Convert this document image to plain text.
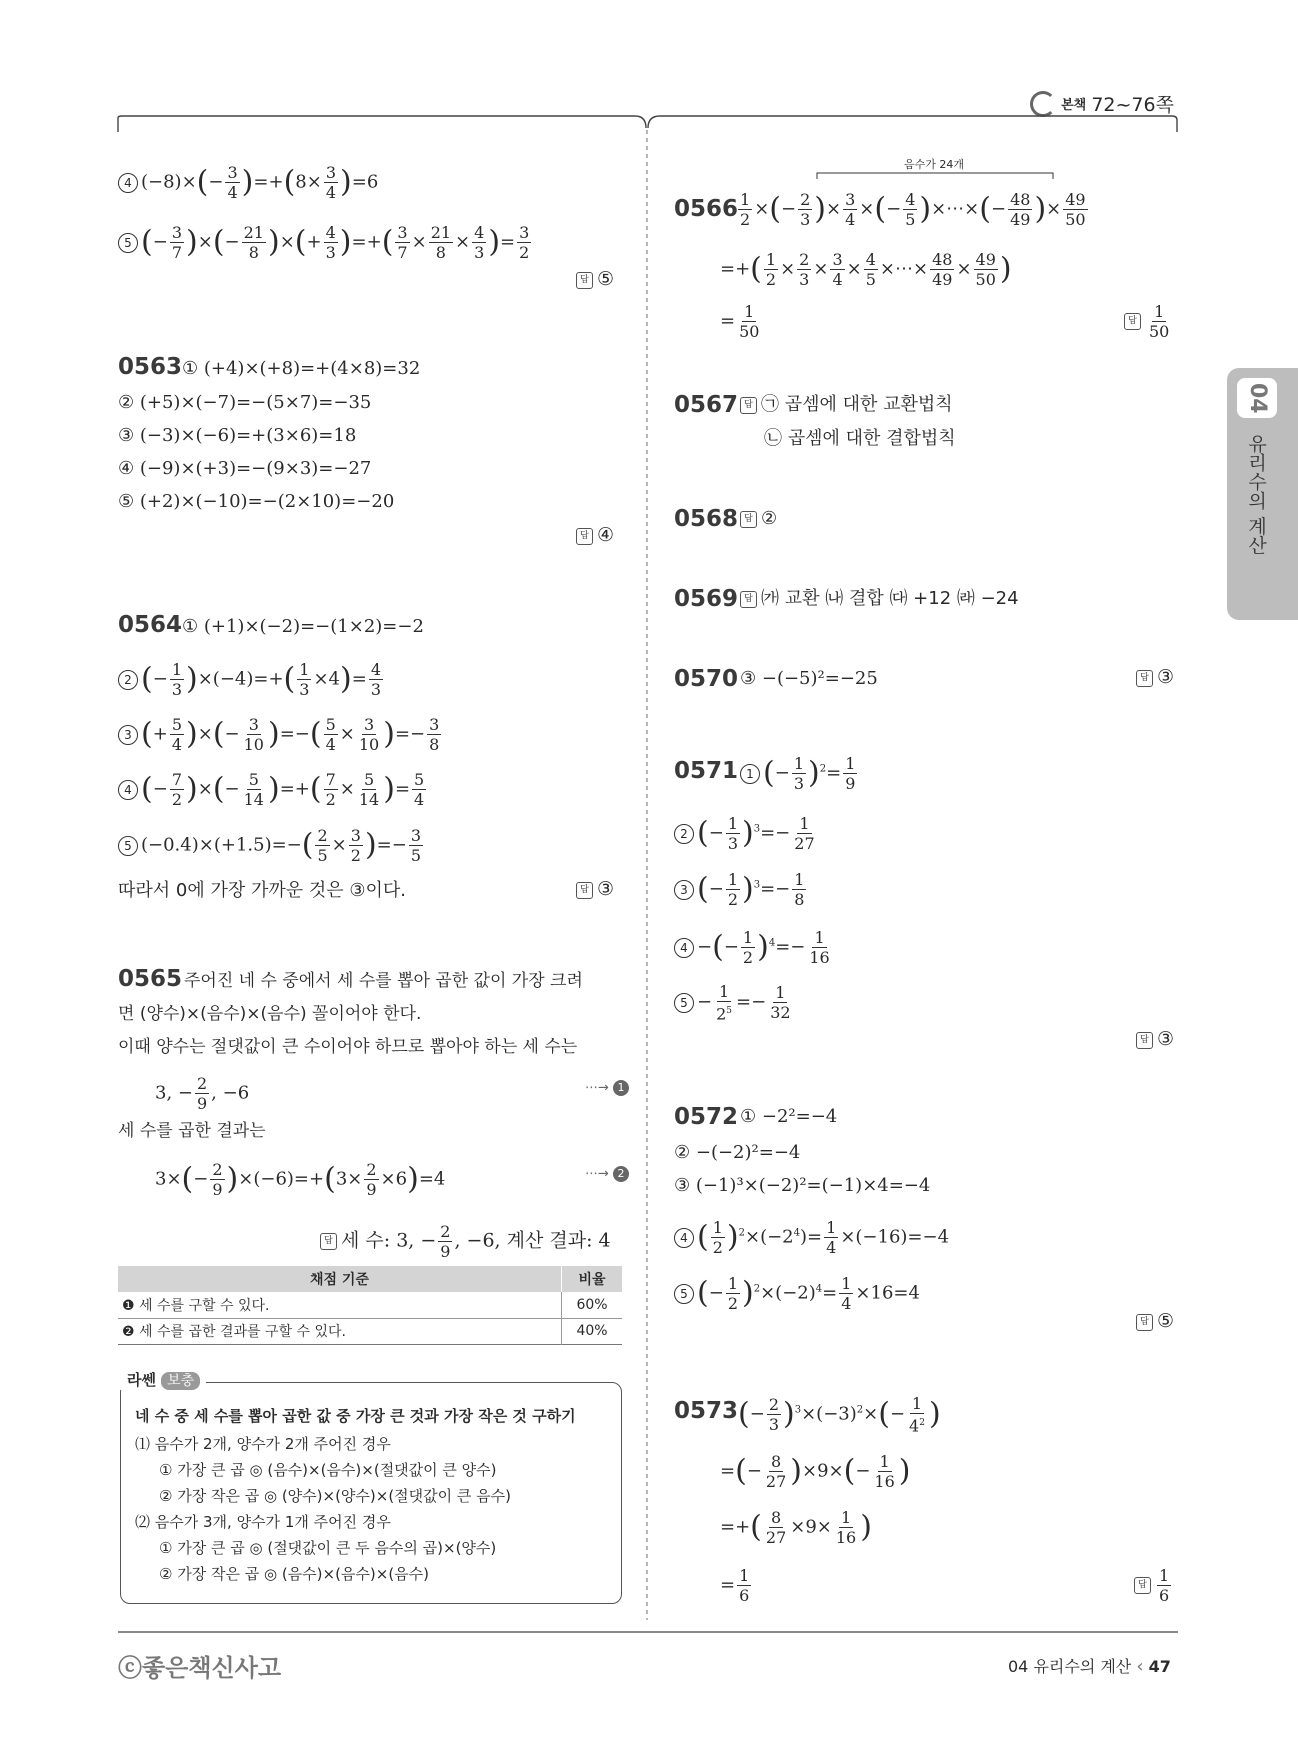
본책 72~76쪽
04
유리수의 계산
4 $(-8)\times(- \frac{3}{4} )=+(8\times \frac{3}{4} )=6$
5 (− $\frac{3}{7}$ )×(− $\frac{21}{8}$ )×(+ $\frac{4}{3}$ )=+( $\frac{3}{7} \times \frac{21}{8} \times \frac{4}{3}$ )= $\frac{3}{2}$
답 ⑤
0563 ① (+4)×(+8)=+(4×8)=32
② (+5)×(−7)=−(5×7)=−35
③ (−3)×(−6)=+(3×6)=18
④ (−9)×(+3)=−(9×3)=−27
⑤ (+2)×(−10)=−(2×10)=−20
답 ④
0564 ① (+1)×(−2)=−(1×2)=−2
2 (− $\frac{1}{3} )\times(-4)=+( \frac{1}{3} \times 4)= \frac{4}{3}$
3 (+ $\frac{5}{4}$ )×(− $\frac{3}{10}$ )=−( $\frac{5}{4} \times \frac{3}{10}$ )=− $\frac{3}{8}$
4 (− $\frac{7}{2}$ )×(− $\frac{5}{14}$ )=+( $\frac{7}{2} \times \frac{5}{14}$ )= $\frac{5}{4}$
5 $(-0.4)\times(+1.5)=-( \frac{2}{5} \times \frac{3}{2}$ )=− $\frac{3}{5}$
따라서 0에 가장 가까운 것은 ③이다.	답 ③
0565 주어진 네 수 중에서 세 수를 뽑아 곱한 값이 가장 크려
면 (양수)×(음수)×(음수) 꼴이어야 한다.
이때 양수는 절댓값이 큰 수이어야 하므로 뽑아야 하는 세 수는
3, − $\frac{2}{9}$ , −6	⋯→ 1
세 수를 곱한 결과는
$3\times(- \frac{2}{9} )\times(-6)=+(3\times \frac{2}{9} \times 6)=4$	⋯→ 2
답 세 수: 3, − $\frac{2}{9}$ , −6, 계산 결과: 4
채점 기준	비율
❶ 세 수를 구할 수 있다.	60%
❷ 세 수를 곱한 결과를 구할 수 있다.	40%
라쎈 보충
네 수 중 세 수를 뽑아 곱한 값 중 가장 큰 것과 가장 작은 것 구하기
⑴ 음수가 2개, 양수가 2개 주어진 경우
① 가장 큰 곱 ◎ (음수)×(음수)×(절댓값이 큰 양수)
② 가장 작은 곱 ◎ (양수)×(양수)×(절댓값이 큰 음수)
⑵ 음수가 3개, 양수가 1개 주어진 경우
① 가장 큰 곱 ◎ (절댓값이 큰 두 음수의 곱)×(양수)
② 가장 작은 곱 ◎ (음수)×(음수)×(음수)
음수가 24개
$0566 \frac{1}{2}$ ×(− $\frac{2}{3}$ )× $\frac{3}{4}$ ×(− $\frac{4}{5}$ )×⋯×(− $\frac{48}{49}$ )× $\frac{49}{50}$
=+( $\frac{1}{2} \times \frac{2}{3} \times \frac{3}{4} \times \frac{4}{5}$ ×⋯× $\frac{48}{49} \times \frac{49}{50}$ )
= $\frac{1}{50}$	답 $\frac{1}{50}$
0567 답 ㉠ 곱셈에 대한 교환법칙
㉡ 곱셈에 대한 결합법칙
0568 답 ②
0569 답 ㈎ 교환 ㈏ 결합 ㈐ +12 ㈑ −24
0570 ③ −(−5)²=−25	답 ③
0571 1 (− $\frac{1}{3} )^2= \frac{1}{9}$
2 (− $\frac{1}{3} )^3=- \frac{1}{27}$
3 (− $\frac{1}{2} )^3=- \frac{1}{8}$
4 −(− $\frac{1}{2} )^4=- \frac{1}{16}$
$5 - \frac{1}{2^5} =- \frac{1}{32}$
답 ③
0572 ① −2²=−4
② −(−2)²=−4
③ (−1)³×(−2)²=(−1)×4=−4
4 ( $\frac{1}{2} )^2\times(-2^4)= \frac{1}{4} \times(-16)=-4$
5 (− $\frac{1}{2} )^2\times(-2)^4= \frac{1}{4} \times 16=4$
답 ⑤
0573 (− $\frac{2}{3} )^3\times(-3)^2\times(- \frac{1}{4^2}$ )
=(− $\frac{8}{27} )\times 9\times(- \frac{1}{16}$ )
=+( $\frac{8}{27} \times 9\times \frac{1}{16}$ )
= $\frac{1}{6}$	답 $\frac{1}{6}$
ⓒ좋은책신사고	04 유리수의 계산 ‹ 47
